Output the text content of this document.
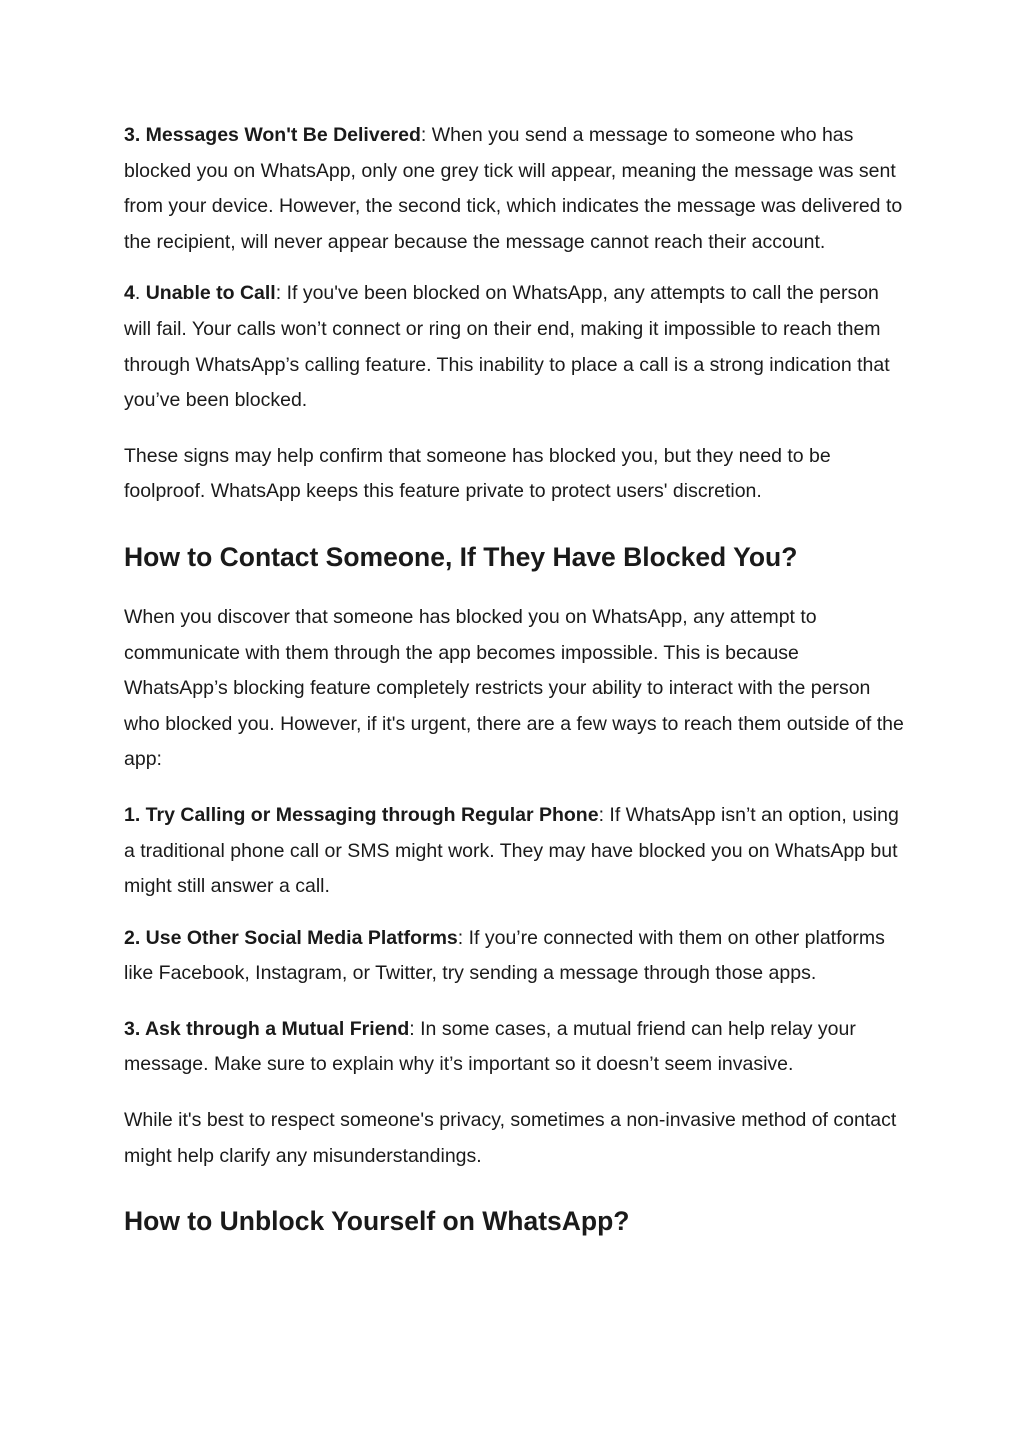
3. Messages Won't Be Delivered: When you send a message to someone who has blocked you on WhatsApp, only one grey tick will appear, meaning the message was sent from your device. However, the second tick, which indicates the message was delivered to the recipient, will never appear because the message cannot reach their account.

4. Unable to Call: If you've been blocked on WhatsApp, any attempts to call the person will fail. Your calls won’t connect or ring on their end, making it impossible to reach them through WhatsApp’s calling feature. This inability to place a call is a strong indication that you’ve been blocked.

These signs may help confirm that someone has blocked you, but they need to be foolproof. WhatsApp keeps this feature private to protect users' discretion.

How to Contact Someone, If They Have Blocked You?

When you discover that someone has blocked you on WhatsApp, any attempt to communicate with them through the app becomes impossible. This is because WhatsApp’s blocking feature completely restricts your ability to interact with the person who blocked you. However, if it's urgent, there are a few ways to reach them outside of the app:

1. Try Calling or Messaging through Regular Phone: If WhatsApp isn’t an option, using a traditional phone call or SMS might work. They may have blocked you on WhatsApp but might still answer a call.

2. Use Other Social Media Platforms: If you’re connected with them on other platforms like Facebook, Instagram, or Twitter, try sending a message through those apps.

3. Ask through a Mutual Friend: In some cases, a mutual friend can help relay your message. Make sure to explain why it’s important so it doesn’t seem invasive.

While it's best to respect someone's privacy, sometimes a non-invasive method of contact might help clarify any misunderstandings.

How to Unblock Yourself on WhatsApp?
